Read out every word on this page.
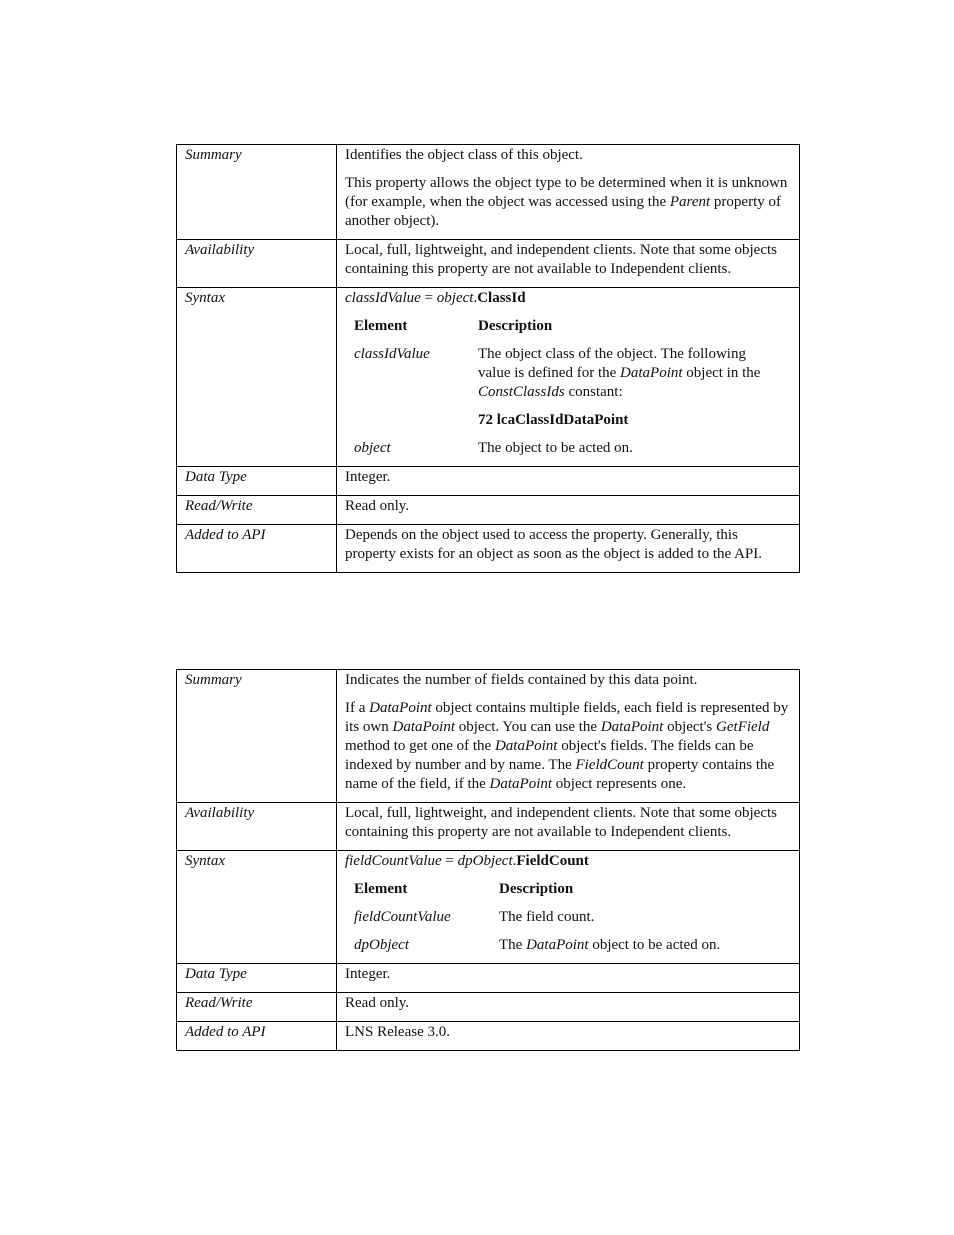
Summary	Identifies the object class of this object.

This property allows the object type to be determined when it is unknown (for example, when the object was accessed using the Parent property of another object).

Availability	Local, full, lightweight, and independent clients. Note that some objects containing this property are not available to Independent clients.
Syntax	classIdValue = object.ClassId

Element	Description
classIdValue	The object class of the object. The following value is defined for the DataPoint object in the ConstClassIds constant:

72 lcaClassIdDataPoint

object	The object to be acted on.

Data Type	Integer.
Read/Write	Read only.
Added to API	Depends on the object used to access the property. Generally, this property exists for an object as soon as the object is added to the API.
Summary	Indicates the number of fields contained by this data point.

If a DataPoint object contains multiple fields, each field is represented by its own DataPoint object. You can use the DataPoint object's GetField method to get one of the DataPoint object's fields. The fields can be indexed by number and by name. The FieldCount property contains the name of the field, if the DataPoint object represents one.

Availability	Local, full, lightweight, and independent clients. Note that some objects containing this property are not available to Independent clients.
Syntax	fieldCountValue = dpObject.FieldCount

Element	Description
fieldCountValue	The field count.
dpObject	The DataPoint object to be acted on.

Data Type	Integer.
Read/Write	Read only.
Added to API	LNS Release 3.0.
